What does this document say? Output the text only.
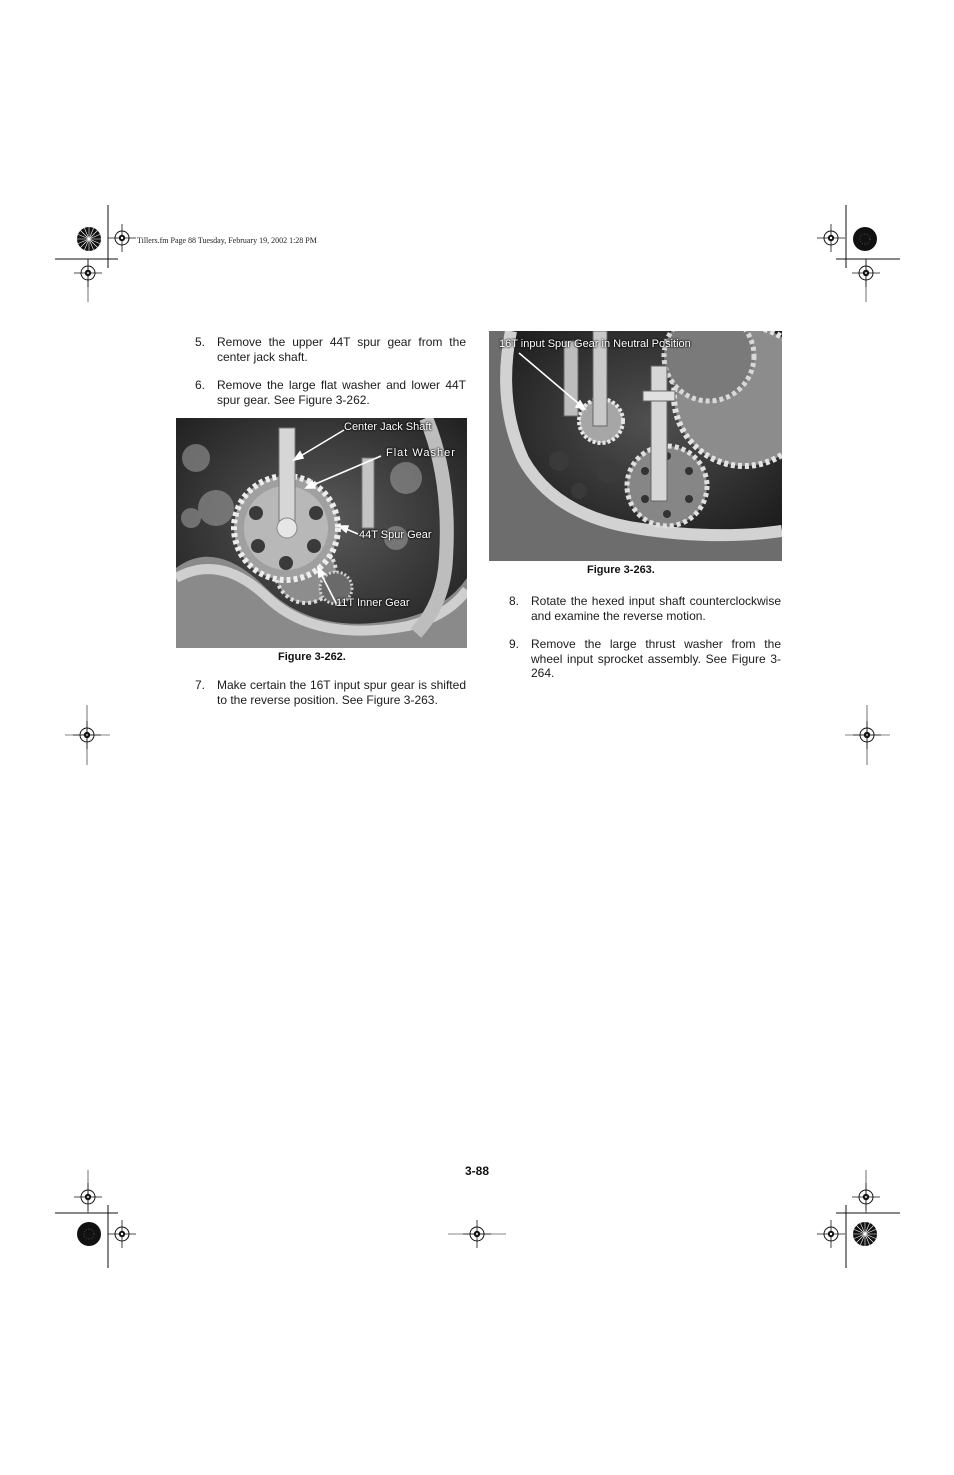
Tillers.fm Page 88 Tuesday, February 19, 2002 1:28 PM
5. Remove the upper 44T spur gear from the center jack shaft.
6. Remove the large flat washer and lower 44T spur gear. See Figure 3-262.
Center Jack Shaft
Flat Washer
44T Spur Gear
11T Inner Gear
Figure 3-262.
7. Make certain the 16T input spur gear is shifted to the reverse position. See Figure 3-263.
16T input Spur Gear in Neutral Position
Figure 3-263.
8. Rotate the hexed input shaft counterclockwise and examine the reverse motion.
9. Remove the large thrust washer from the wheel input sprocket assembly. See Figure 3-264.
3-88
